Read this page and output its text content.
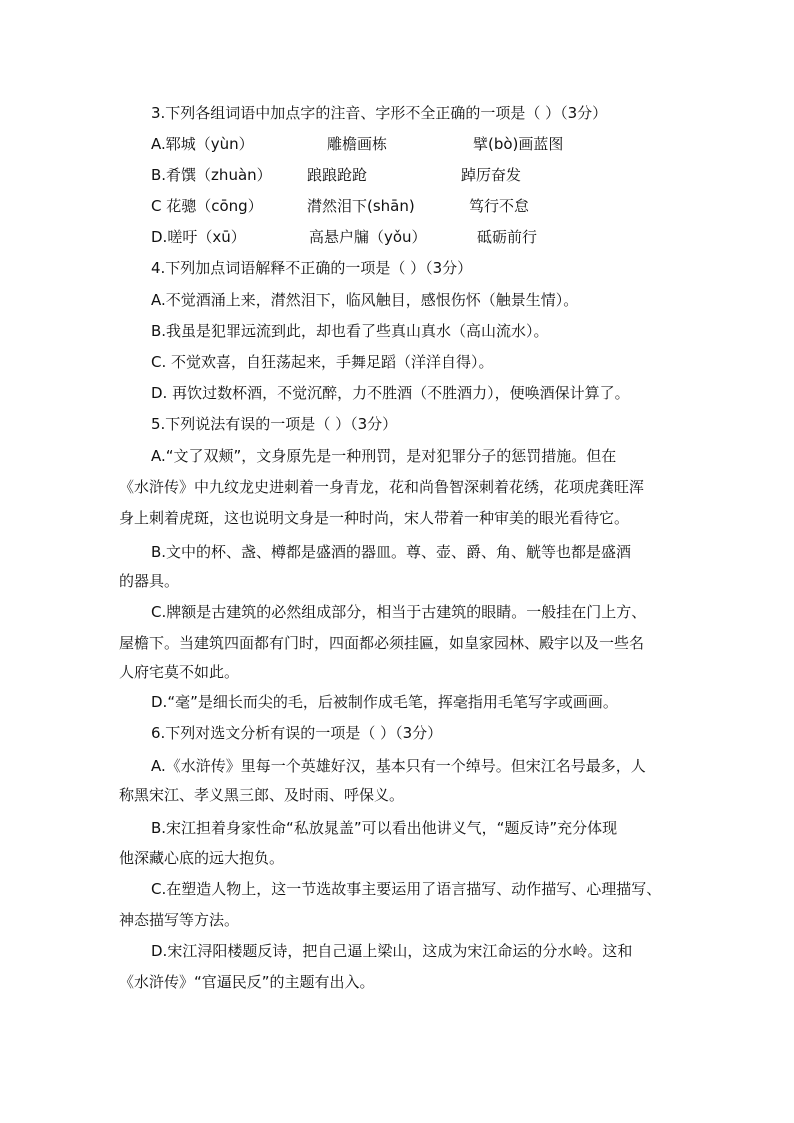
3.下列各组词语中加点字的注音、字形不全正确的一项是（ ）（3分）
A.郓城（yùn）	雕檐画栋	擘(bò)画蓝图
B.肴馔（zhuàn） 踉踉跄跄	踔厉奋发
C 花骢（cōng）	潸然泪下(shān)	笃行不怠
D.嗟吁（xū）	高悬户牖（yǒu）	砥砺前行
4.下列加点词语解释不正确的一项是（ ）（3分）
A.不觉酒涌上来，潸然泪下，临风触目，感恨伤怀（触景生情）。
B.我虽是犯罪远流到此，却也看了些真山真水（高山流水）。
C. 不觉欢喜，自狂荡起来，手舞足蹈（洋洋自得）。
D. 再饮过数杯酒，不觉沉醉，力不胜酒（不胜酒力），便唤酒保计算了。
5.下列说法有误的一项是（ ）（3分）
A.“文了双颊”，文身原先是一种刑罚，是对犯罪分子的惩罚措施。但在
《水浒传》中九纹龙史进刺着一身青龙，花和尚鲁智深刺着花绣，花项虎龚旺浑
身上刺着虎斑，这也说明文身是一种时尚，宋人带着一种审美的眼光看待它。
B.文中的杯、盏、樽都是盛酒的器皿。尊、壶、爵、角、觥等也都是盛酒
的器具。
C.牌额是古建筑的必然组成部分，相当于古建筑的眼睛。一般挂在门上方、
屋檐下。当建筑四面都有门时，四面都必须挂匾，如皇家园林、殿宇以及一些名
人府宅莫不如此。
D.“毫”是细长而尖的毛，后被制作成毛笔，挥毫指用毛笔写字或画画。
6.下列对选文分析有误的一项是（ ）（3分）
A.《水浒传》里每一个英雄好汉，基本只有一个绰号。但宋江名号最多，人
称黑宋江、孝义黑三郎、及时雨、呼保义。
B.宋江担着身家性命“私放晁盖”可以看出他讲义气，“题反诗”充分体现
他深藏心底的远大抱负。
C.在塑造人物上，这一节选故事主要运用了语言描写、动作描写、心理描写、
神态描写等方法。
D.宋江浔阳楼题反诗，把自己逼上梁山，这成为宋江命运的分水岭。这和
《水浒传》“官逼民反”的主题有出入。
